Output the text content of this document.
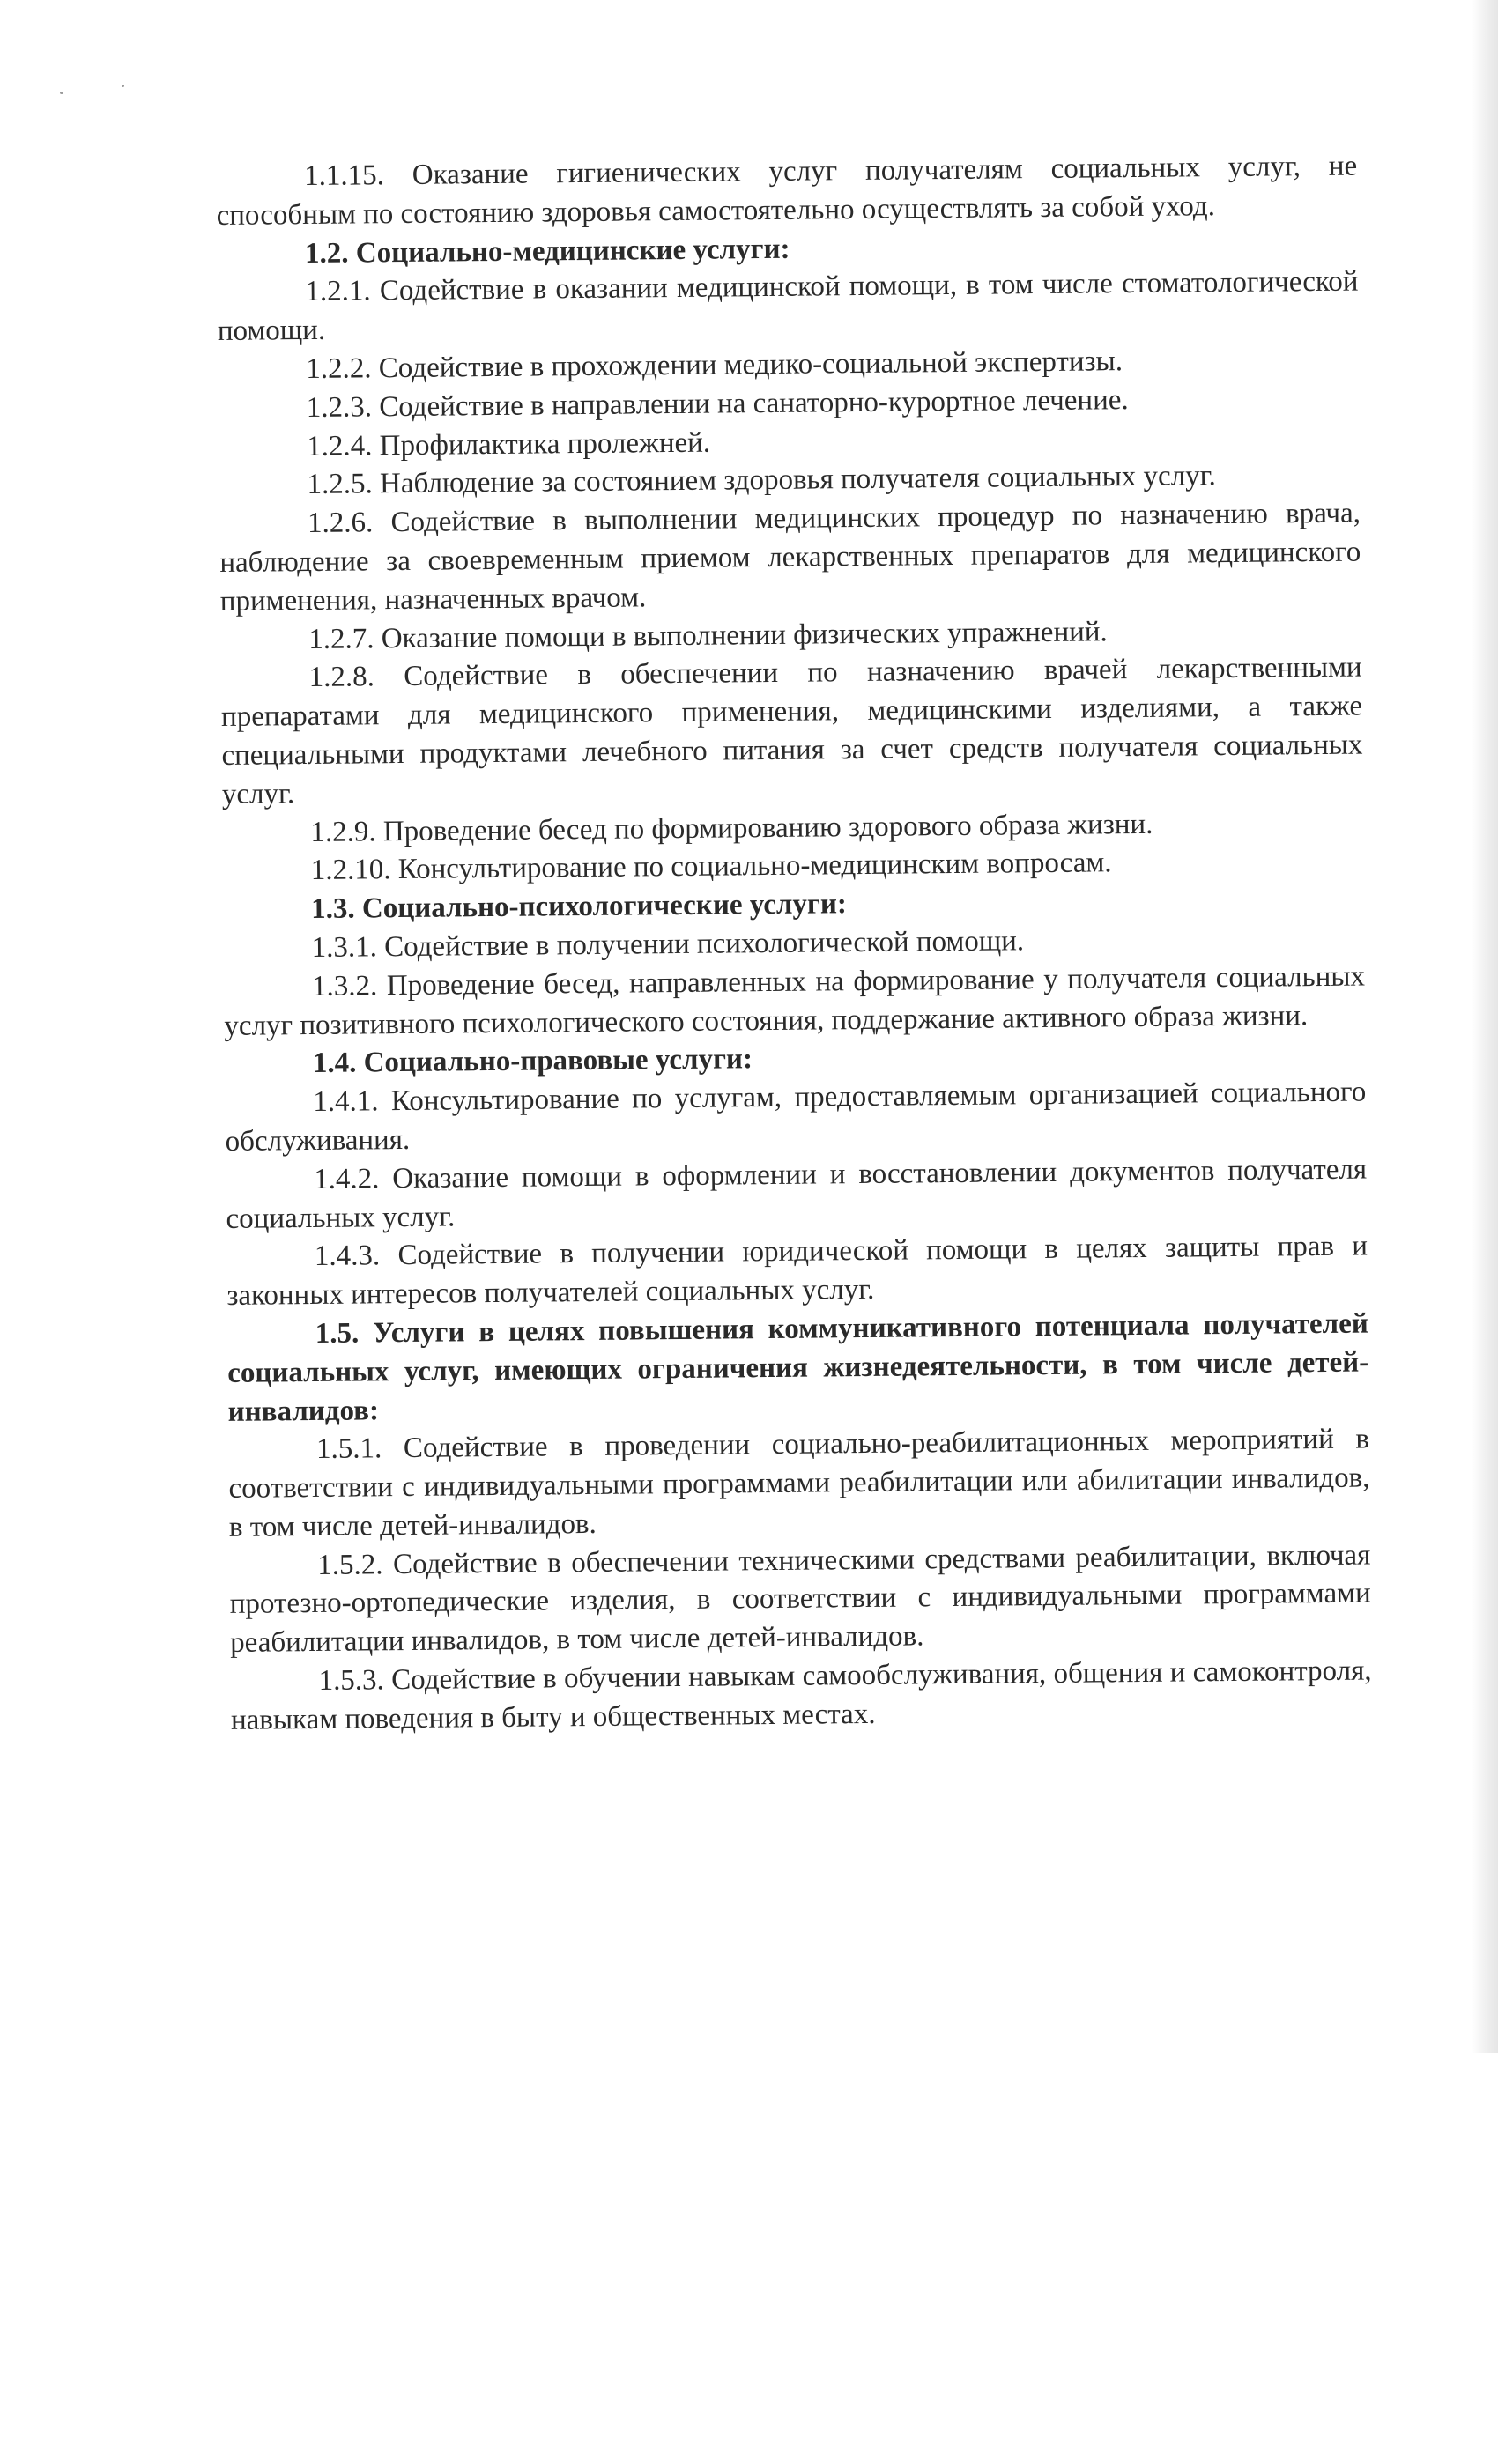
1.1.15. Оказание гигиенических услуг получателям социальных услуг, не способным по состоянию здоровья самостоятельно осуществлять за собой уход.

1.2. Социально-медицинские услуги:

1.2.1. Содействие в оказании медицинской помощи, в том числе стоматологической помощи.

1.2.2. Содействие в прохождении медико-социальной экспертизы.

1.2.3. Содействие в направлении на санаторно-курортное лечение.

1.2.4. Профилактика пролежней.

1.2.5. Наблюдение за состоянием здоровья получателя социальных услуг.

1.2.6. Содействие в выполнении медицинских процедур по назначению врача, наблюдение за своевременным приемом лекарственных препаратов для медицинского применения, назначенных врачом.

1.2.7. Оказание помощи в выполнении физических упражнений.

1.2.8. Содействие в обеспечении по назначению врачей лекарственными препаратами для медицинского применения, медицинскими изделиями, а также специальными продуктами лечебного питания за счет средств получателя социальных услуг.

1.2.9. Проведение бесед по формированию здорового образа жизни.

1.2.10. Консультирование по социально-медицинским вопросам.

1.3. Социально-психологические услуги:

1.3.1. Содействие в получении психологической помощи.

1.3.2. Проведение бесед, направленных на формирование у получателя социальных услуг позитивного психологического состояния, поддержание активного образа жизни.

1.4. Социально-правовые услуги:

1.4.1. Консультирование по услугам, предоставляемым организацией социального обслуживания.

1.4.2. Оказание помощи в оформлении и восстановлении документов получателя социальных услуг.

1.4.3. Содействие в получении юридической помощи в целях защиты прав и законных интересов получателей социальных услуг.

1.5. Услуги в целях повышения коммуникативного потенциала получателей социальных услуг, имеющих ограничения жизнедеятельности, в том числе детей-инвалидов:

1.5.1. Содействие в проведении социально-реабилитационных мероприятий в соответствии с индивидуальными программами реабилитации или абилитации инвалидов, в том числе детей-инвалидов.

1.5.2. Содействие в обеспечении техническими средствами реабилитации, включая протезно-ортопедические изделия, в соответствии с индивидуальными программами реабилитации инвалидов, в том числе детей-инвалидов.

1.5.3. Содействие в обучении навыкам самообслуживания, общения и самоконтроля, навыкам поведения в быту и общественных местах.
